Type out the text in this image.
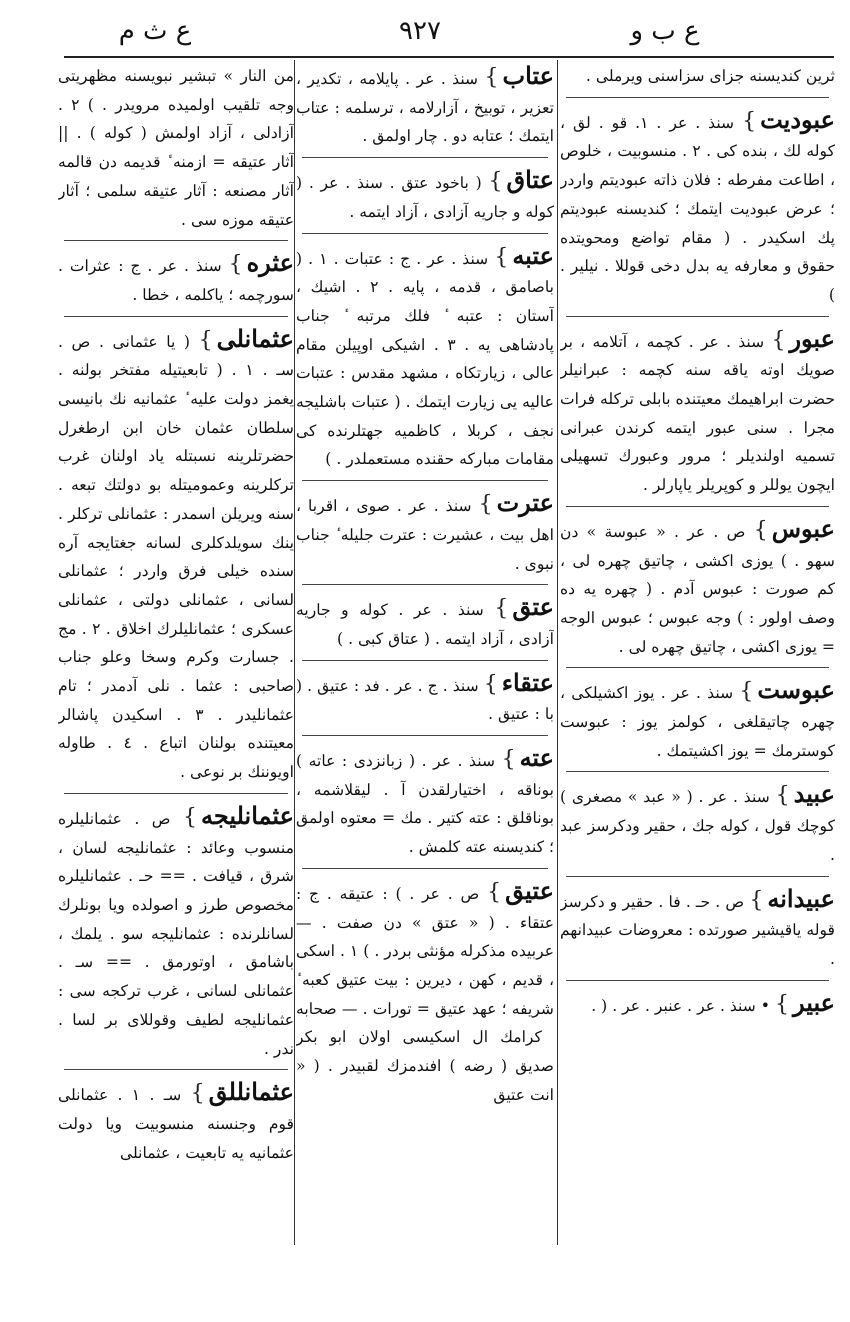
ع ب و
٩٢٧
ع ث م
ثرين كنديسنه جزاى سزاسنى ويرملى .
عبوديت} سنذ . عر . ١. قو . لق ، كوله لك ، بنده كى . ٢ . منسوبيت ، خلوص ، اطاعت مفرطه : فلان ذاته عبوديتم واردر ؛ عرض عبوديت ايتمك ؛ كنديسنه عبوديتم پك اسكيدر . ( مقام تواضع ومحويتده حقوق و معارفه يه بدل دخى قوللا . نيلير . )
عبور} سنذ . عر . كچمه ، آتلامه ، بر صويك اوته ياقه سنه كچمه : عبرانيلر حضرت ابراهيمك معيتنده بابلى تركله فرات مجرا . سنى عبور ايتمه كرندن عبرانى تسميه اولنديلر ؛ مرور وعبورك تسهيلى ايچون يوللر و كوپريلر ياپارلر .
عبوس} ص . عر . « عبوسة » دن سهو . ) يوزى اكشى ، چاتيق چهره لى ، كم صورت : عبوس آدم . ( چهره يه ده وصف اولور : ) وجه عبوس ؛ عبوس الوجه = يوزى اكشى ، چاتيق چهره لى .
عبوست} سنذ . عر . يوز اكشيلكى ، چهره چاتيقلغى ، كولمز يوز : عبوست كوسترمك = يوز اكشيتمك .
عبيد} سنذ . عر . ( « عبد » مصغرى ) كوچك قول ، كوله جك ، حقير ودكرسز عبد .
عبيدانه} ص . حـ . فا . حقير و دكرسز قوله ياقيشير صورتده : معروضات عبيدانهم .
عبير} • سنذ . عر . عنبر . عر . ( .
عتاب} سنذ . عر . پايلامه ، تكدير ، تعزير ، توبيخ ، آزارلامه ، ترسلمه : عتاب ايتمك ؛ عتابه دو . چار اولمق .
عتاق} ( باخود عتق . سنذ . عر . ( كوله و جاريه آزادى ، آزاد ايتمه .
عتبه} سنذ . عر . ج : عتبات . ١ . ( باصامق ، قدمه ، پايه . ٢ . اشيك ، آستان : عتبه ٔ فلك مرتبه ٔ جناب پادشاهى يه . ٣ . اشيكى اوپيلن مقام عالى ، زيارتكاه ، مشهد مقدس : عتبات عاليه يى زيارت ايتمك . ( عتبات باشليجه نجف ، كربلا ، كاظميه جهتلرنده كى مقامات مباركه حقنده مستعملدر . )
عترت} سنذ . عر . صوى ، اقربا ، اهل بيت ، عشيرت : عترت جليله ٔ جناب نبوى .
عتق} سنذ . عر . كوله و جاريه آزادى ، آزاد ايتمه . ( عتاق كبى . )
عتقاء} سنذ . ج . عر . فد : عتيق . ( با : عتيق .
عته} سنذ . عر . ( زبانزدى : عاته ) بوناقه ، اختيارلقدن آ . ليقلاشمه ، بوناقلق : عته كتير . مك = معتوه اولمق ؛ كنديسنه عته كلمش .
عتيق} ص . عر . ) : عتيقه . ج : عتقاء . ( « عتق » دن صفت . — عربيده مذكرله مؤنثى بردر . ) ١ . اسكى ، قديم ، كهن ، ديرين : بيت عتيق كعبه ٔ شريفه ؛ عهد عتيق = تورات . — صحابه ٔ كرامك ال اسكيسى اولان ابو بكر صديق ( رضه ) افندمزك لقبيدر . ( « انت عتيق
من النار » تبشير نبويسنه مظهريتى وجه تلقيب اولميده مرويدر . ) ٢ . آزادلى ، آزاد اولمش ( كوله ) . || آثار عتيقه = ازمنه ٔ قديمه دن قالمه آثار مصنعه : آثار عتيقه سلمى ؛ آثار عتيقه موزه سى .
عثره} سنذ . عر . ج : عثرات . سورچمه ؛ ياكلمه ، خطا .
عثمانلى} ( يا عثمانى . ص . سـ . ١ . ( تابعيتيله مفتخر بولنه . يغمز دولت عليه ٔ عثمانيه نك بانيسى سلطان عثمان خان ابن ارطغرل حضرتلرينه نسبتله ياد اولنان غرب تركلرينه وعموميتله بو دولتك تبعه . سنه ويريلن اسمدر : عثمانلى تركلر . ينك سويلدكلرى لسانه جغتايجه آره سنده خيلى فرق واردر ؛ عثمانلى لسانى ، عثمانلى دولتى ، عثمانلى عسكرى ؛ عثمانليلرك اخلاق . ٢ . مج . جسارت وكرم وسخا وعلو جناب صاحبى : عثما . نلى آدمدر ؛ تام عثمانليدر . ٣ . اسكيدن پاشالر معيتنده بولنان اتباع . ٤ . طاوله اويوننك بر نوعى .
عثمانليجه} ص . عثمانليلره منسوب وعائد : عثمانليجه لسان ، شرق ، قيافت . == حـ . عثمانليلره مخصوص طرز و اصولده ويا بونلرك لسانلرنده : عثمانليجه سو . يلمك ، باشامق ، اوتورمق . == سـ . عثمانلى لسانى ، غرب تركجه سى : عثمانليجه لطيف وقوللاى بر لسا . ندر .
عثمانللق} سـ . ١ . عثمانلى قوم وجنسنه منسوبيت ويا دولت عثمانيه يه تابعيت ، عثمانلى
